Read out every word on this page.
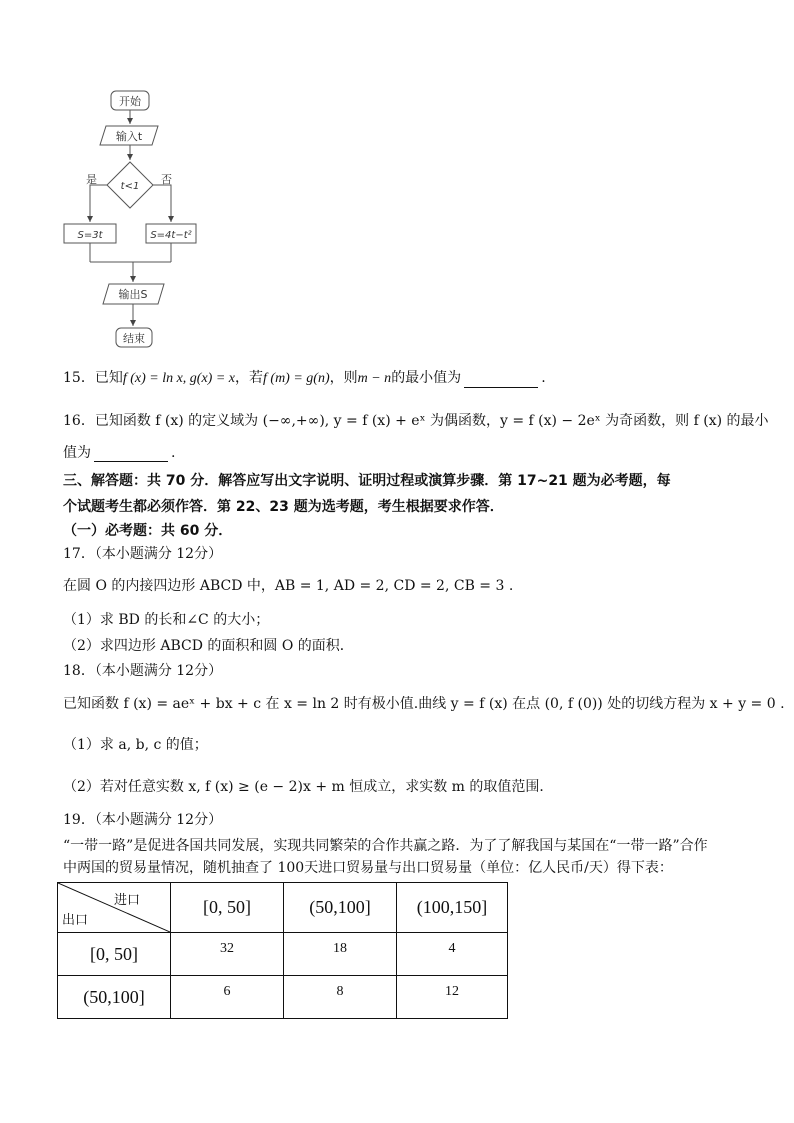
开始
输入t
t<1
是	否
S=3t	S=4t−t²
输出S
结束
15．已知f (x) = ln x, g(x) = x，若f (m) = g(n)，则m − n的最小值为	.
16．已知函数 f (x) 的定义域为 (−∞,+∞), y = f (x) + eˣ 为偶函数，y = f (x) − 2eˣ 为奇函数，则 f (x) 的最小
值为	.
三、解答题：共 70 分．解答应写出文字说明、证明过程或演算步骤．第 17~21 题为必考题，每
个试题考生都必须作答．第 22、23 题为选考题，考生根据要求作答．
（一）必考题：共 60 分．
17．（本小题满分 12分）
在圆 O 的内接四边形 ABCD 中，AB = 1, AD = 2, CD = 2, CB = 3 .
（1）求 BD 的长和∠C 的大小；
（2）求四边形 ABCD 的面积和圆 O 的面积．
18．（本小题满分 12分）
已知函数 f (x) = aeˣ + bx + c 在 x = ln 2 时有极小值.曲线 y = f (x) 在点 (0, f (0)) 处的切线方程为 x + y = 0 .
（1）求 a, b, c 的值；
（2）若对任意实数 x, f (x) ≥ (e − 2)x + m 恒成立，求实数 m 的取值范围．
19．（本小题满分 12分）
“一带一路”是促进各国共同发展，实现共同繁荣的合作共赢之路．为了了解我国与某国在“一带一路”合作
中两国的贸易量情况，随机抽查了 100天进口贸易量与出口贸易量（单位：亿人民币/天）得下表：
进口
出口	[0, 50]	(50,100]	(100,150]
[0, 50]	32	18	4
(50,100]	6	8	12
